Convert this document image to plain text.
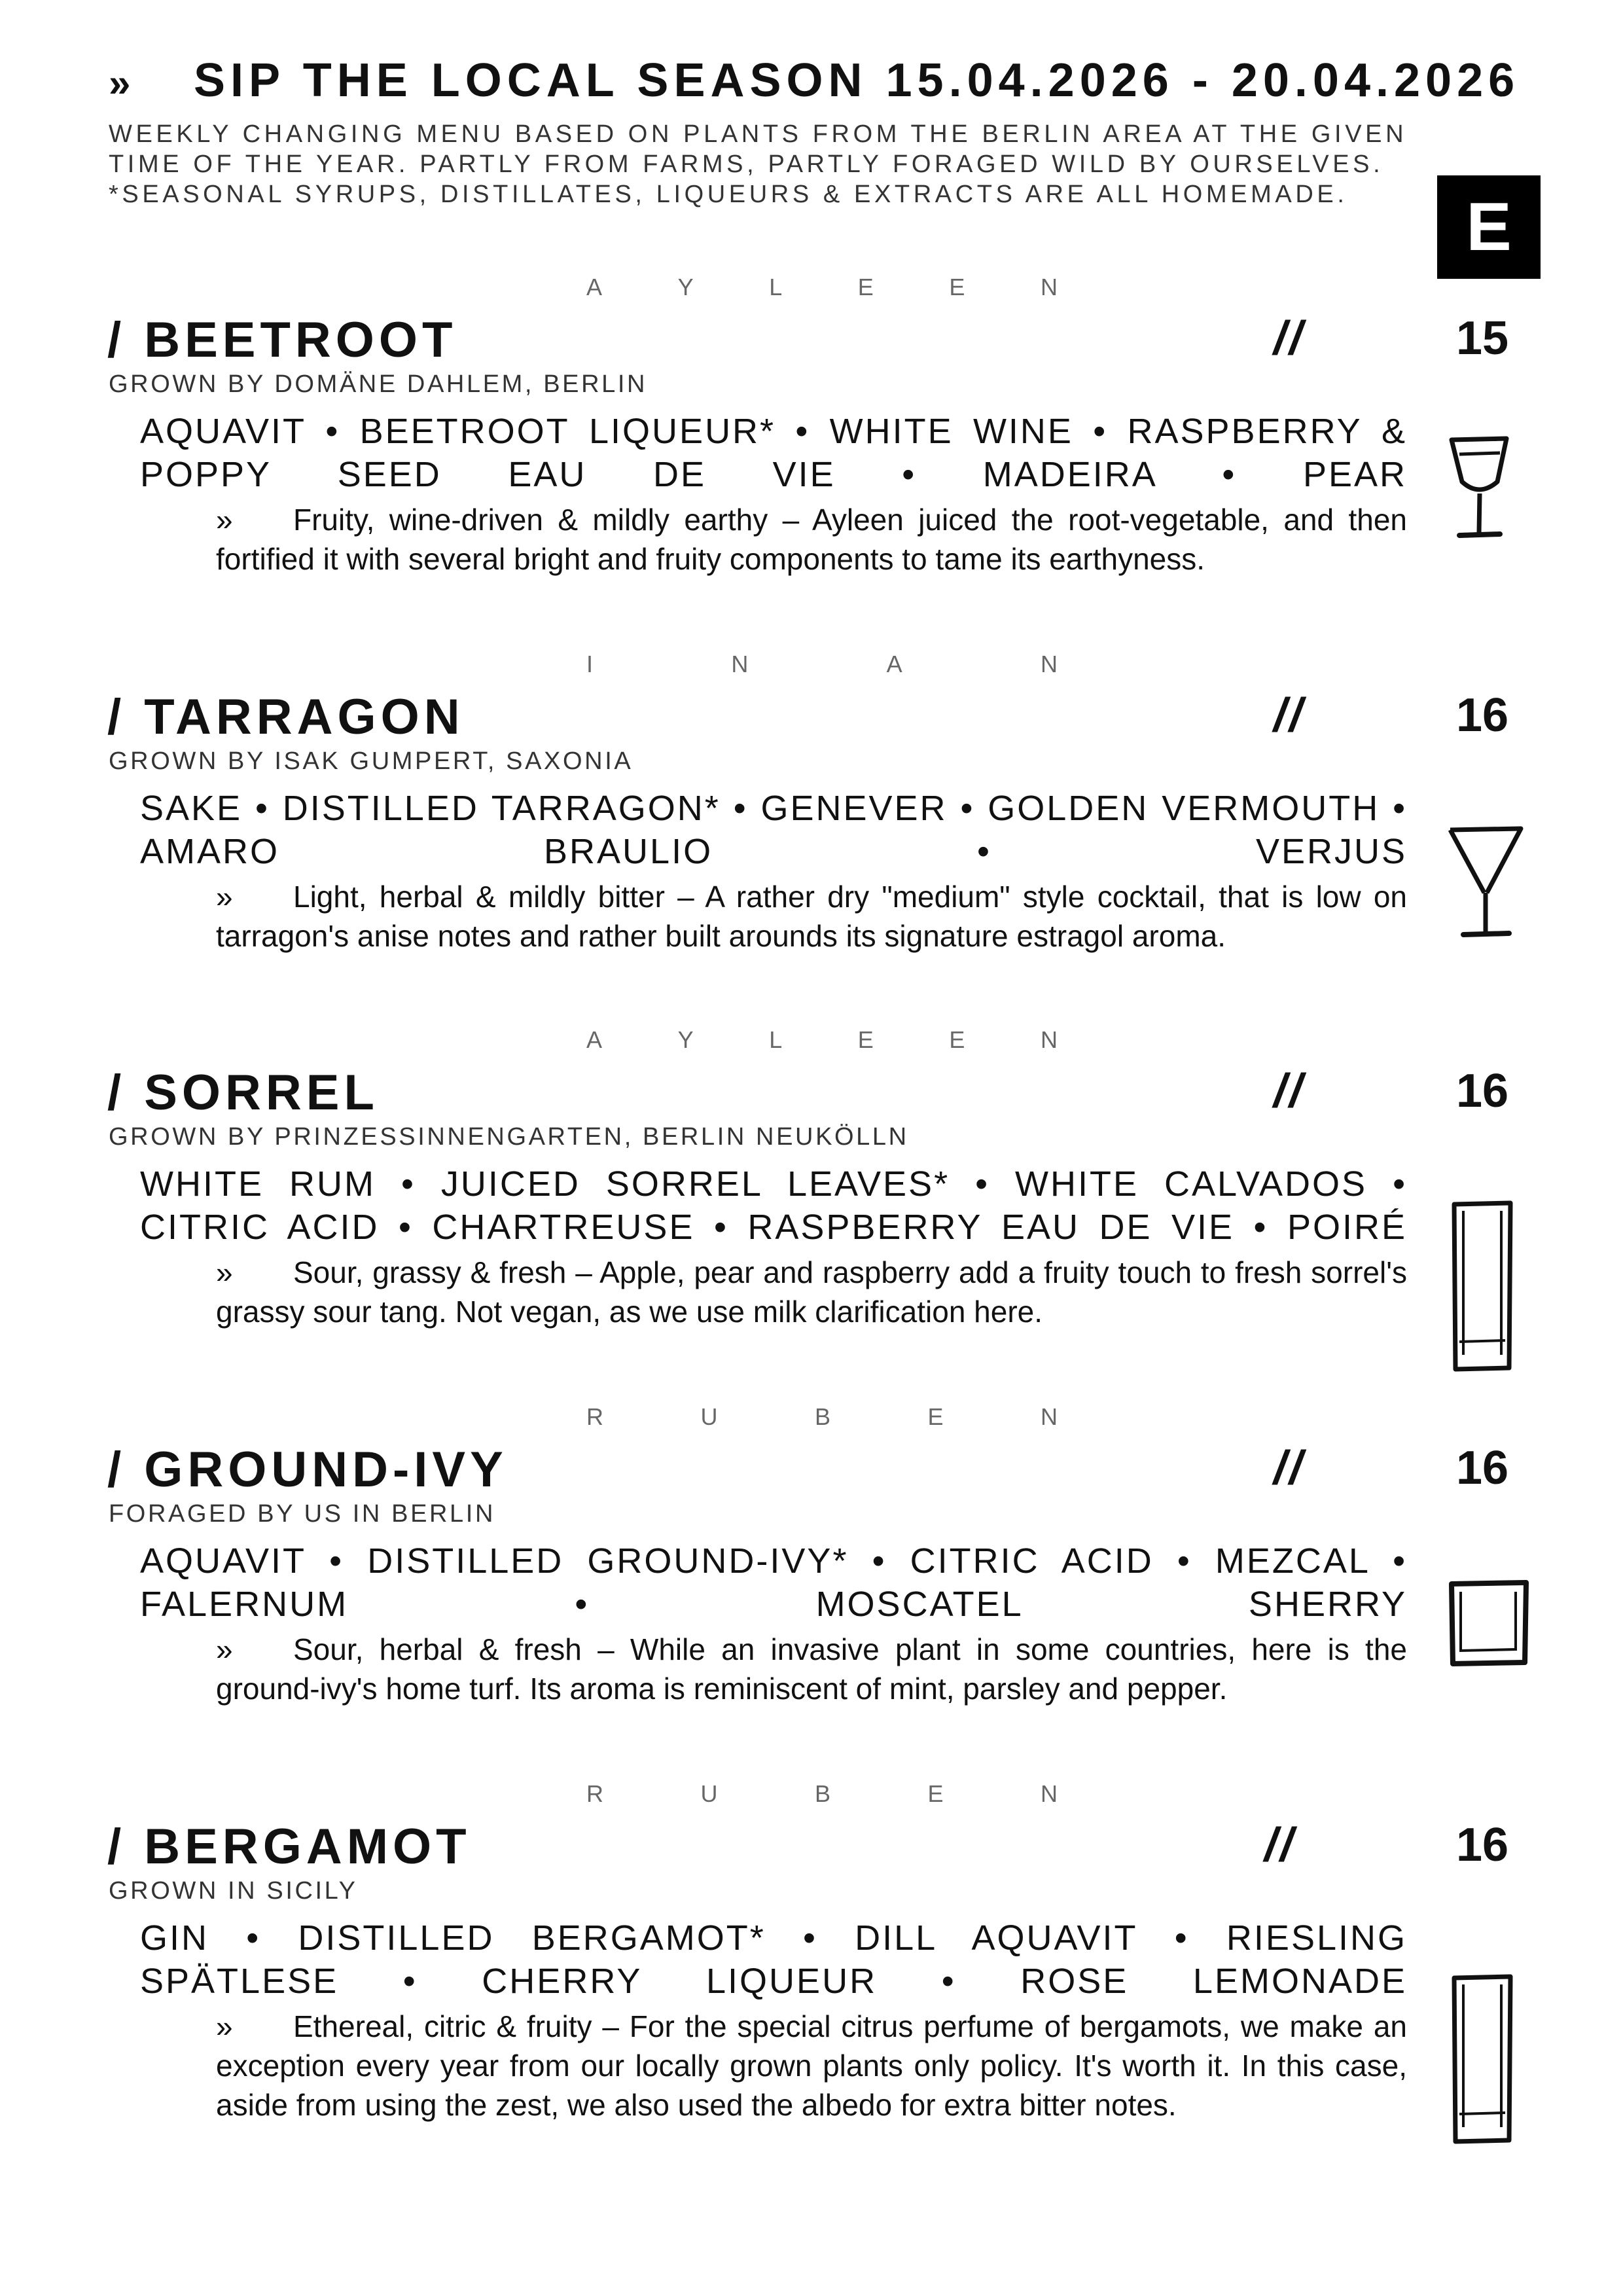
»	SIP THE LOCAL SEASON 15.04.2026 - 20.04.2026
WEEKLY CHANGING MENU BASED ON PLANTS FROM THE BERLIN AREA AT THE GIVEN
TIME OF THE YEAR. PARTLY FROM FARMS, PARTLY FORAGED WILD BY OURSELVES.
*SEASONAL SYRUPS, DISTILLATES, LIQUEURS & EXTRACTS ARE ALL HOMEMADE.	E
A	Y	L	E	E	N
/ BEETROOT	//	15
GROWN BY DOMÄNE DAHLEM, BERLIN
AQUAVIT • BEETROOT LIQUEUR* • WHITE WINE • RASPBERRY & POPPY SEED EAU DE VIE • MADEIRA • PEAR
» Fruity, wine-driven & mildly earthy – Ayleen juiced the root-vegetable, and then fortified it with several bright and fruity components to tame its earthyness.
I	N	A	N
/ TARRAGON	//	16
GROWN BY ISAK GUMPERT, SAXONIA
SAKE • DISTILLED TARRAGON* • GENEVER • GOLDEN VERMOUTH • AMARO BRAULIO • VERJUS
» Light, herbal & mildly bitter – A rather dry "medium" style cocktail, that is low on tarragon's anise notes and rather built arounds its signature estragol aroma.
A	Y	L	E	E	N
/ SORREL	//	16
GROWN BY PRINZESSINNENGARTEN, BERLIN NEUKÖLLN
WHITE RUM • JUICED SORREL LEAVES* • WHITE CALVADOS • CITRIC ACID • CHARTREUSE • RASPBERRY EAU DE VIE • POIRÉ
» Sour, grassy & fresh – Apple, pear and raspberry add a fruity touch to fresh sorrel's grassy sour tang. Not vegan, as we use milk clarification here.
R	U	B	E	N
/ GROUND-IVY	//	16
FORAGED BY US IN BERLIN
AQUAVIT • DISTILLED GROUND-IVY* • CITRIC ACID • MEZCAL • FALERNUM • MOSCATEL SHERRY
» Sour, herbal & fresh – While an invasive plant in some countries, here is the ground-ivy's home turf. Its aroma is reminiscent of mint, parsley and pepper.
R	U	B	E	N
/ BERGAMOT	//	16
GROWN IN SICILY
GIN • DISTILLED BERGAMOT* • DILL AQUAVIT • RIESLING SPÄTLESE • CHERRY LIQUEUR • ROSE LEMONADE
» Ethereal, citric & fruity – For the special citrus perfume of bergamots, we make an exception every year from our locally grown plants only policy. It's worth it. In this case, aside from using the zest, we also used the albedo for extra bitter notes.
